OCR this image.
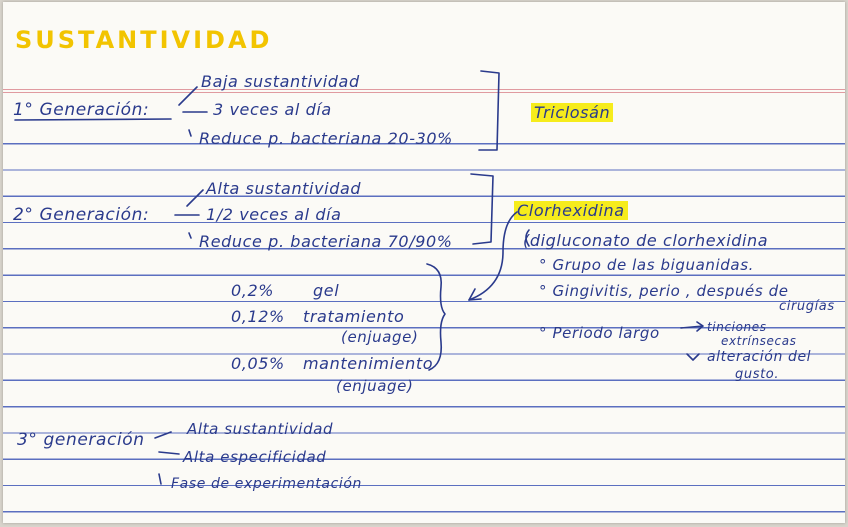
SUSTANTIVIDAD
1° Generación:
Baja sustantividad
3 veces al día
Reduce p. bacteriana 20-30%
Triclosán
2° Generación:
Alta sustantividad
1/2 veces al día
Reduce p. bacteriana 70/90%
Clorhexidina
(digluconato de clorhexidina
° Grupo de las biguanidas.
° Gingivitis, perio , después de
cirugías
° Periodo largo	tinciones
extrínsecas
alteración del
gusto.
0,2% gel
0,12% tratamiento
(enjuage)
0,05% mantenimiento
(enjuage)
3° generación
Alta sustantividad
Alta especificidad
Fase de experimentación
